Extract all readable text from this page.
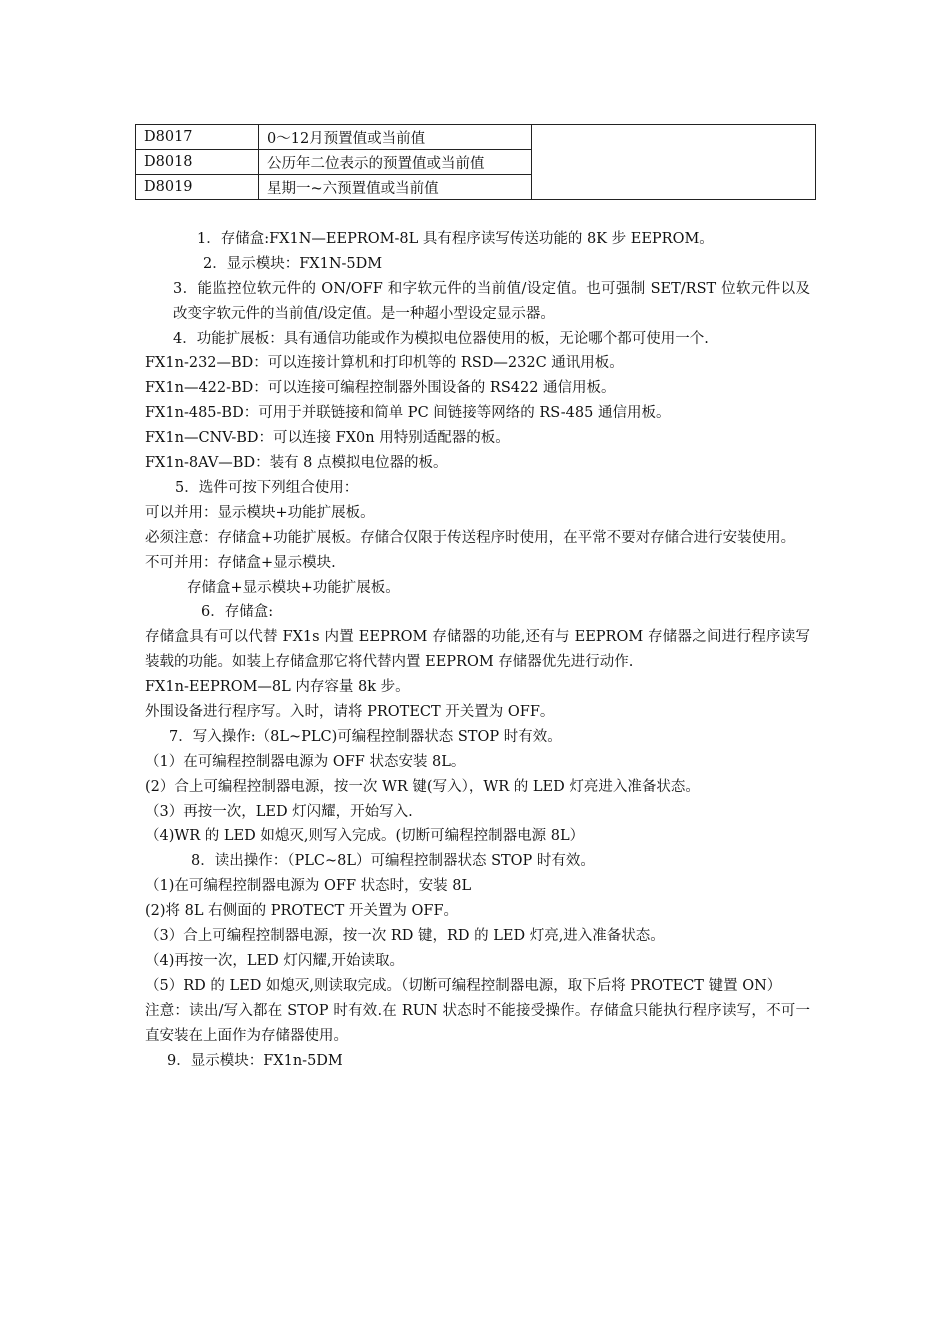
D8017	0～12月预置值或当前值	
D8018	公历年二位表示的预置值或当前值	
D8019	星期一~六预置值或当前值	
1．存储盒:FX1N—EEPROM-8L 具有程序读写传送功能的 8K 步 EEPROM。
2．显示模块：FX1N-5DM
3．能监控位软元件的 ON/OFF 和字软元件的当前值/设定值。也可强制 SET/RST 位软元件以及改变字软元件的当前值/设定值。是一种超小型设定显示器。
4．功能扩展板：具有通信功能或作为模拟电位器使用的板，无论哪个都可使用一个.
FX1n-232—BD：可以连接计算机和打印机等的 RSD—232C 通讯用板。
FX1n—422-BD：可以连接可编程控制器外围设备的 RS422 通信用板。
FX1n-485-BD：可用于并联链接和简单 PC 间链接等网络的 RS-485 通信用板。
FX1n—CNV-BD：可以连接 FX0n 用特别适配器的板。
FX1n-8AV—BD：装有 8 点模拟电位器的板。
5．选件可按下列组合使用：
可以并用：显示模块+功能扩展板。
必须注意： 存储盒+功能扩展板。存储合仅限于传送程序时使用，在平常不要对存储合进行安装使用。
不可并用：存储盒+显示模块.
存储盒+显示模块+功能扩展板。
6．存储盒:
存储盒具有可以代替 FX1s 内置 EEPROM 存储器的功能,还有与 EEPROM 存储器之间进行程序读写装载的功能。如装上存储盒那它将代替内置 EEPROM 存储器优先进行动作.
FX1n-EEPROM—8L 内存容量 8k 步。
外围设备进行程序写。入时，请将 PROTECT 开关置为 OFF。
7．写入操作:（8L~PLC)可编程控制器状态 STOP 时有效。
（1）在可编程控制器电源为 OFF 状态安装 8L。
(2）合上可编程控制器电源，按一次 WR 键(写入），WR 的 LED 灯亮进入准备状态。
（3）再按一次，LED 灯闪耀，开始写入.
（4)WR 的 LED 如熄灭,则写入完成。(切断可编程控制器电源 8L）
8．读出操作：（PLC~8L）可编程控制器状态 STOP 时有效。
（1)在可编程控制器电源为 OFF 状态时，安装 8L
(2)将 8L 右侧面的 PROTECT 开关置为 OFF。
（3）合上可编程控制器电源，按一次 RD 键，RD 的 LED 灯亮,进入准备状态。
（4)再按一次，LED 灯闪耀,开始读取。
（5）RD 的 LED 如熄灭,则读取完成。（切断可编程控制器电源，取下后将 PROTECT 键置 ON）
注意：读出/写入都在 STOP 时有效.在 RUN 状态时不能接受操作。存储盒只能执行程序读写，不可一直安装在上面作为存储器使用。
9．显示模块：FX1n-5DM
